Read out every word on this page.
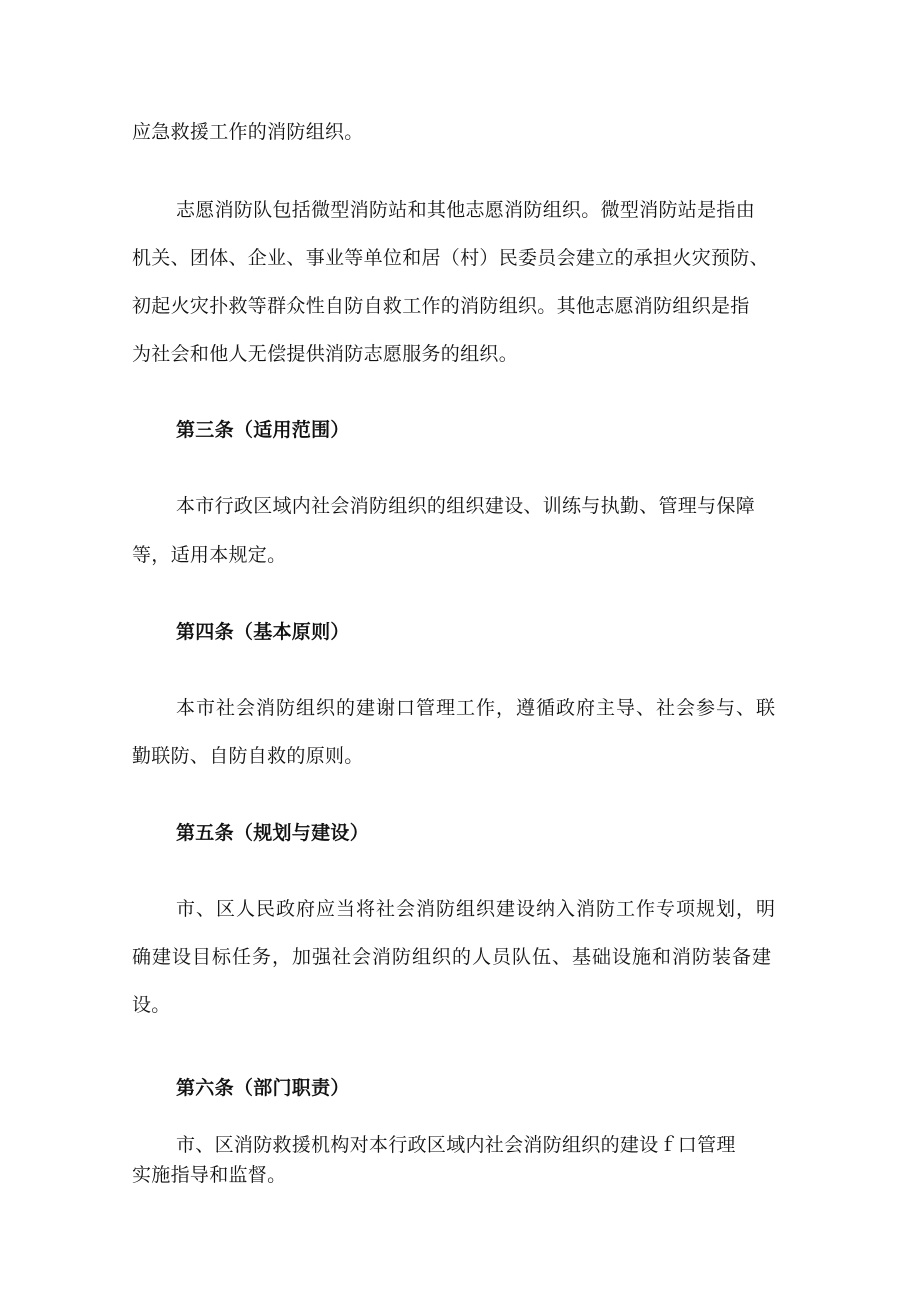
应急救援工作的消防组织。
志愿消防队包括微型消防站和其他志愿消防组织。微型消防站是指由
机关、团体、企业、事业等单位和居（村）民委员会建立的承担火灾预防、
初起火灾扑救等群众性自防自救工作的消防组织。其他志愿消防组织是指
为社会和他人无偿提供消防志愿服务的组织。
第三条（适用范围）
本市行政区域内社会消防组织的组织建设、训练与执勤、管理与保障
等，适用本规定。
第四条（基本原则）
本市社会消防组织的建谢口管理工作，遵循政府主导、社会参与、联
勤联防、自防自救的原则。
第五条（规划与建设）
市、区人民政府应当将社会消防组织建设纳入消防工作专项规划，明
确建设目标任务，加强社会消防组织的人员队伍、基础设施和消防装备建
设。
第六条（部门职责）
市、区消防救援机构对本行政区域内社会消防组织的建设ｆ口管理
实施指导和监督。
